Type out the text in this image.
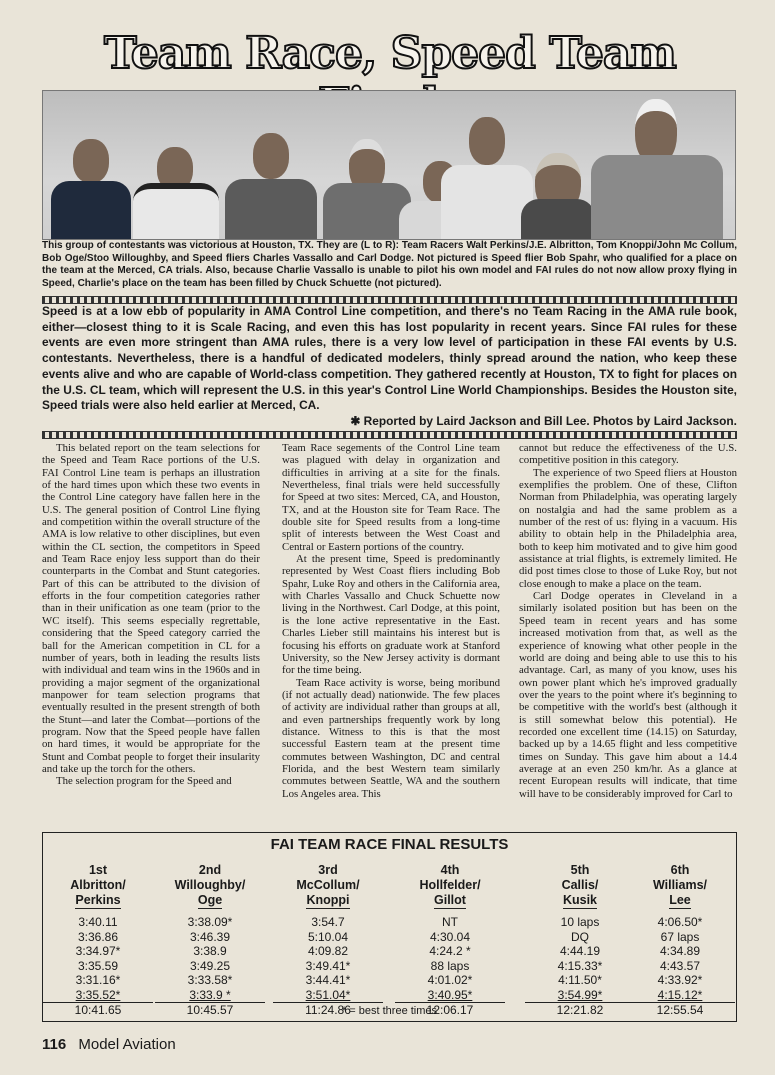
Team Race, Speed Team
This group of contestants was victorious at Houston, TX. They are (L to R): Team Racers Walt Perkins/J.E. Albritton, Tom Knoppi/John Mc Collum, Bob Oge/Stoo Willoughby, and Speed fliers Charles Vassallo and Carl Dodge. Not pictured is Speed flier Bob Spahr, who qualified for a place on the team at the Merced, CA trials. Also, because Charlie Vassallo is unable to pilot his own model and FAI rules do not now allow proxy flying in Speed, Charlie's place on the team has been filled by Chuck Schuette (not pictured).
Speed is at a low ebb of popularity in AMA Control Line competition, and there's no Team Racing in the AMA rule book, either—closest thing to it is Scale Racing, and even this has lost popularity in recent years. Since FAI rules for these events are even more stringent than AMA rules, there is a very low level of participation in these FAI events by U.S. contestants. Nevertheless, there is a handful of dedicated modelers, thinly spread around the nation, who keep these events alive and who are capable of World-class competition. They gathered recently at Houston, TX to fight for places on the U.S. CL team, which will represent the U.S. in this year's Control Line World Championships. Besides the Houston site, Speed trials were also held earlier at Merced, CA.
✱ Reported by Laird Jackson and Bill Lee. Photos by Laird Jackson.

This belated report on the team selections for the Speed and Team Race portions of the U.S. FAI Control Line team is perhaps an illustration of the hard times upon which these two events in the Control Line category have fallen here in the U.S. The general position of Control Line flying and competition within the overall structure of the AMA is low relative to other disciplines, but even within the CL section, the competitors in Speed and Team Race enjoy less support than do their counterparts in the Combat and Stunt categories. Part of this can be attributed to the division of efforts in the four competition categories rather than in their unification as one team (prior to the WC itself). This seems especially regrettable, considering that the Speed category carried the ball for the American competition in CL for a number of years, both in leading the results lists with individual and team wins in the 1960s and in providing a major segment of the organizational manpower for team selection programs that eventually resulted in the present strength of both the Stunt—and later the Combat—portions of the program. Now that the Speed people have fallen on hard times, it would be appropriate for the Stunt and Combat people to forget their insularity and take up the torch for the others.

The selection program for the Speed and

Team Race segements of the Control Line team was plagued with delay in organization and difficulties in arriving at a site for the finals. Nevertheless, final trials were held successfully for Speed at two sites: Merced, CA, and Houston, TX, and at the Houston site for Team Race. The double site for Speed results from a long-time split of interests between the West Coast and Central or Eastern portions of the country.

At the present time, Speed is predominantly represented by West Coast fliers including Bob Spahr, Luke Roy and others in the California area, with Charles Vassallo and Chuck Schuette now living in the Northwest. Carl Dodge, at this point, is the lone active representative in the East. Charles Lieber still maintains his interest but is focusing his efforts on graduate work at Stanford University, so the New Jersey activity is dormant for the time being.

Team Race activity is worse, being moribund (if not actually dead) nationwide. The few places of activity are individual rather than groups at all, and even partnerships frequently work by long distance. Witness to this is that the most successful Eastern team at the present time commutes between Washington, DC and central Florida, and the best Western team similarly commutes between Seattle, WA and the southern Los Angeles area. This

cannot but reduce the effectiveness of the U.S. competitive position in this category.

The experience of two Speed fliers at Houston exemplifies the problem. One of these, Clifton Norman from Philadelphia, was operating largely on nostalgia and had the same problem as a number of the rest of us: flying in a vacuum. His ability to obtain help in the Philadelphia area, both to keep him motivated and to give him good assistance at trial flights, is extremely limited. He did post times close to those of Luke Roy, but not close enough to make a place on the team.

Carl Dodge operates in Cleveland in a similarly isolated position but has been on the Speed team in recent years and has some increased motivation from that, as well as the experience of knowing what other people in the world are doing and being able to use this to his advantage. Carl, as many of you know, uses his own power plant which he's improved gradually over the years to the point where it's beginning to be competitive with the world's best (although it is still somewhat below this potential). He recorded one excellent time (14.15) on Saturday, backed up by a 14.65 flight and less competitive times on Sunday. This gave him about a 14.4 average at an even 250 km/hr. As a glance at recent European results will indicate, that time will have to be considerably improved for Carl to

FAI TEAM RACE FINAL RESULTS
1st
Albritton/
Perkins
3:40.11
3:36.86
3:34.97*
3:35.59
3:31.16*
3:35.52*
10:41.65
2nd
Willoughby/
Oge
3:38.09*
3:46.39
3:38.9
3:49.25
3:33.58*
3:33.9 *
10:45.57
3rd
McCollum/
Knoppi
3:54.7
5:10.04
4:09.82
3:49.41*
3:44.41*
3:51.04*
11:24.86
4th
Hollfelder/
Gillot
NT
4:30.04
4:24.2 *
88 laps
4:01.02*
3:40.95*
12:06.17
5th
Callis/
Kusik
10 laps
DQ
4:44.19
4:15.33*
4:11.50*
3:54.99*
12:21.82
6th
Williams/
Lee
4:06.50*
67 laps
4:34.89
4:43.57
4:33.92*
4:15.12*
12:55.54
* = best three times
116 Model Aviation
